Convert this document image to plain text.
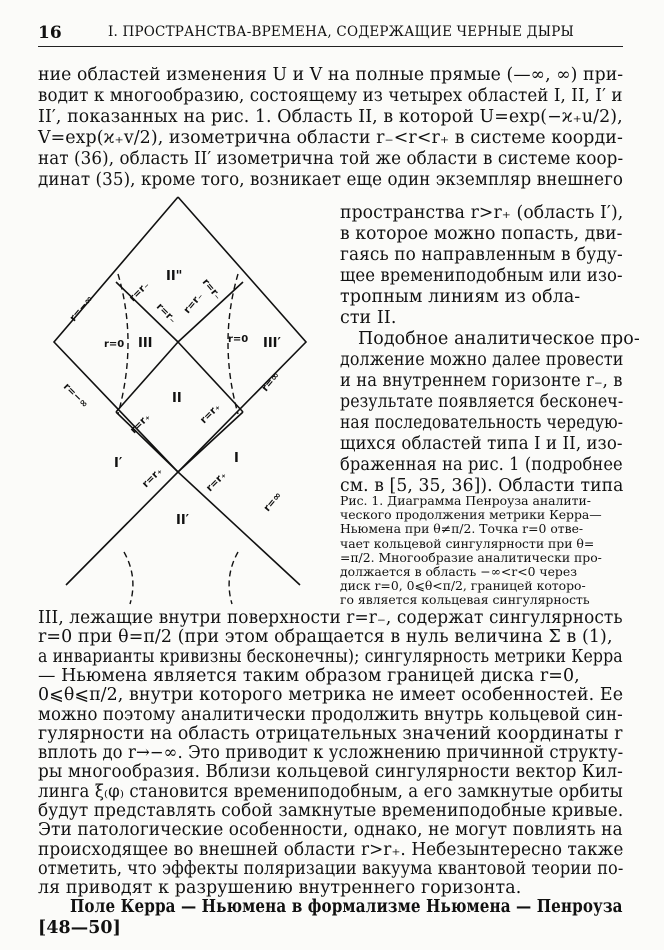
16	I. ПРОСТРАНСТВА-ВРЕМЕНА, СОДЕРЖАЩИЕ ЧЕРНЫЕ ДЫРЫ
ние областей изменения U и V на полные прямые (—∞, ∞) при-
водит к многообразию, состоящему из четырех областей I, II, I′ и
II′, показанных на рис. 1. Область II, в которой U=exp(−ϰ₊u/2),
V=exp(ϰ₊v/2), изометрична области r₋<r<r₊ в системе коорди-
нат (36), область II′ изометрична той же области в системе коор-
динат (35), кроме того, возникает еще один экземпляр внешнего
II"
III	III′
II
I′	I
II′
r=0	r=0
r=−∞
r=−∞
r=r₋ r=r₋
r=r₋	r=r₋
r=r₊	r=r₊
r=r₊	r=r₊
r=∞
r=∞
пространства r>r₊ (область I′),
в которое можно попасть, дви-
гаясь по направленным в буду-
щее времениподобным или изо-
тропным линиям из обла-
сти II.
Подобное аналитическое про-
должение можно далее провести
и на внутреннем горизонте r₋, в
результате появляется бесконеч-
ная последовательность чередую-
щихся областей типа I и II, изо-
браженная на рис. 1 (подробнее
см. в [5, 35, 36]). Области типа
Рис. 1. Диаграмма Пенроуза аналити-
ческого продолжения метрики Керра—
Ньюмена при θ≠π/2. Точка r=0 отве-
чает кольцевой сингулярности при θ=
=π/2. Многообразие аналитически про-
должается в область −∞<r<0 через
диск r=0, 0⩽θ<π/2, границей которо-
го является кольцевая сингулярность
III, лежащие внутри поверхности r=r₋, содержат сингулярность
r=0 при θ=π/2 (при этом обращается в нуль величина Σ в (1),
а инварианты кривизны бесконечны); сингулярность метрики Керра
— Ньюмена является таким образом границей диска r=0,
0⩽θ⩽π/2, внутри которого метрика не имеет особенностей. Ее
можно поэтому аналитически продолжить внутрь кольцевой син-
гулярности на область отрицательных значений координаты r
вплоть до r→−∞. Это приводит к усложнению причинной структу-
ры многообразия. Вблизи кольцевой сингулярности вектор Кил-
линга ξ₍φ₎ становится времениподобным, а его замкнутые орбиты
будут представлять собой замкнутые времениподобные кривые.
Эти патологические особенности, однако, не могут повлиять на
происходящее во внешней области r>r₊. Небезынтересно также
отметить, что эффекты поляризации вакуума квантовой теории по-
ля приводят к разрушению внутреннего горизонта.
Поле Керра — Ньюмена в формализме Ньюмена — Пенроуза
[48—50]
